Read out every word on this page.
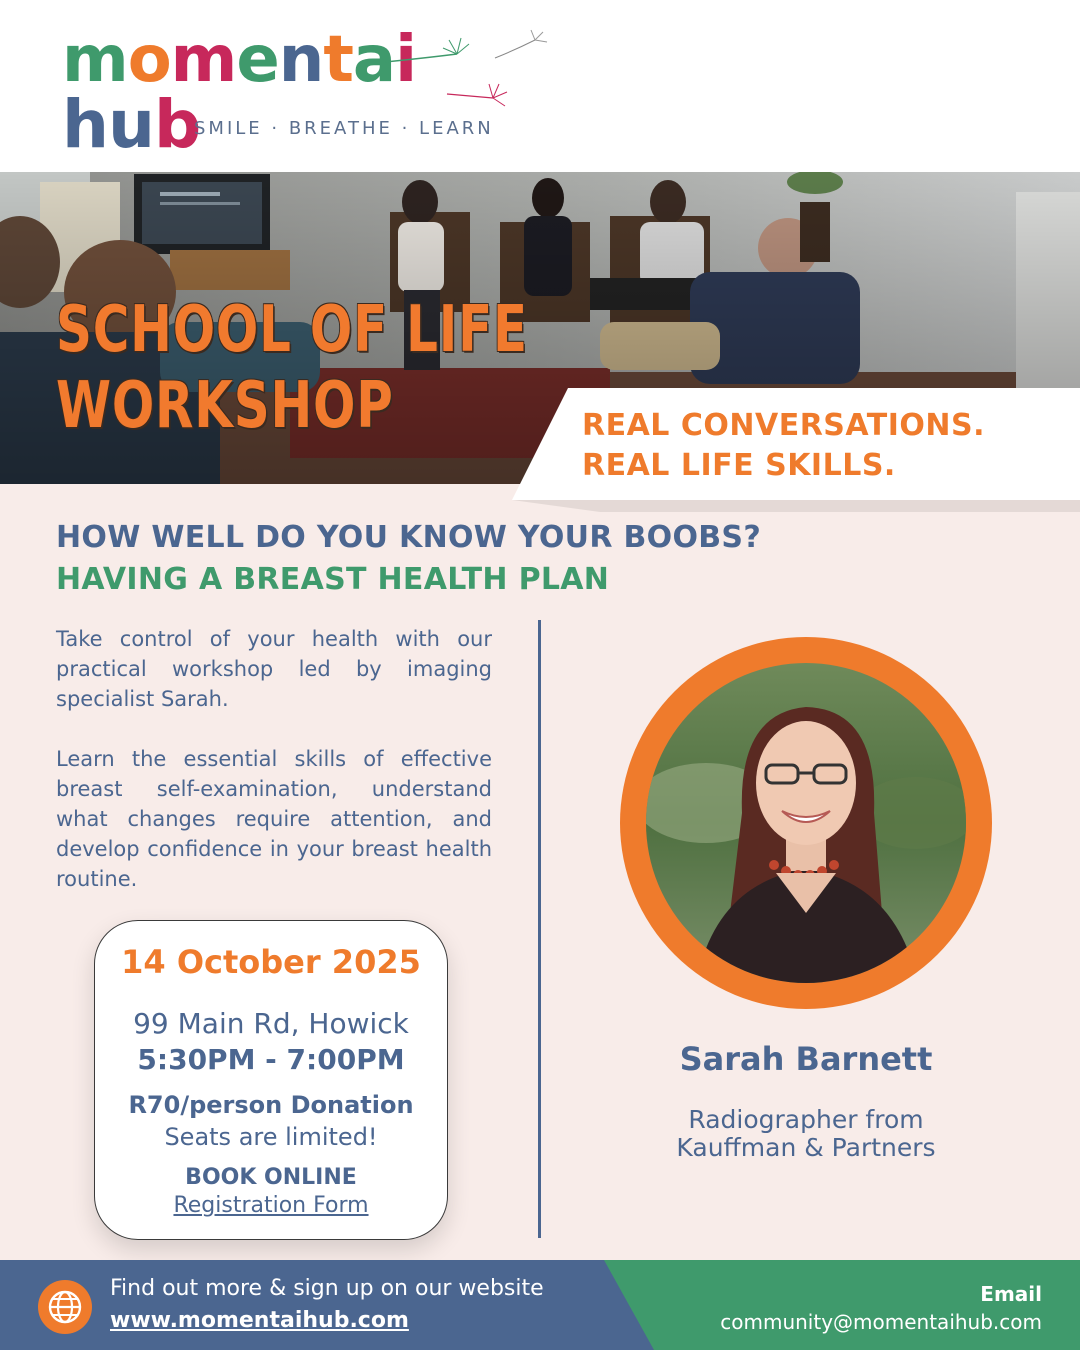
momentai
hub
SMILE · BREATHE · LEARN
SCHOOL OF LIFE
WORKSHOP	REAL CONVERSATIONS.
REAL LIFE SKILLS.
HOW WELL DO YOU KNOW YOUR BOOBS?
HAVING A BREAST HEALTH PLAN

Take control of your health with our practical workshop led by imaging specialist Sarah.

Learn the essential skills of effective breast self-examination, understand what changes require attention, and develop confidence in your breast health routine.

14 October 2025
99 Main Rd, Howick
5:30PM - 7:00PM
R70/person Donation
Seats are limited!
BOOK ONLINE
Registration Form
Sarah Barnett
Radiographer from
Kauffman & Partners
Find out more & sign up on our website
www.momentaihub.com
Email
community@momentaihub.com
